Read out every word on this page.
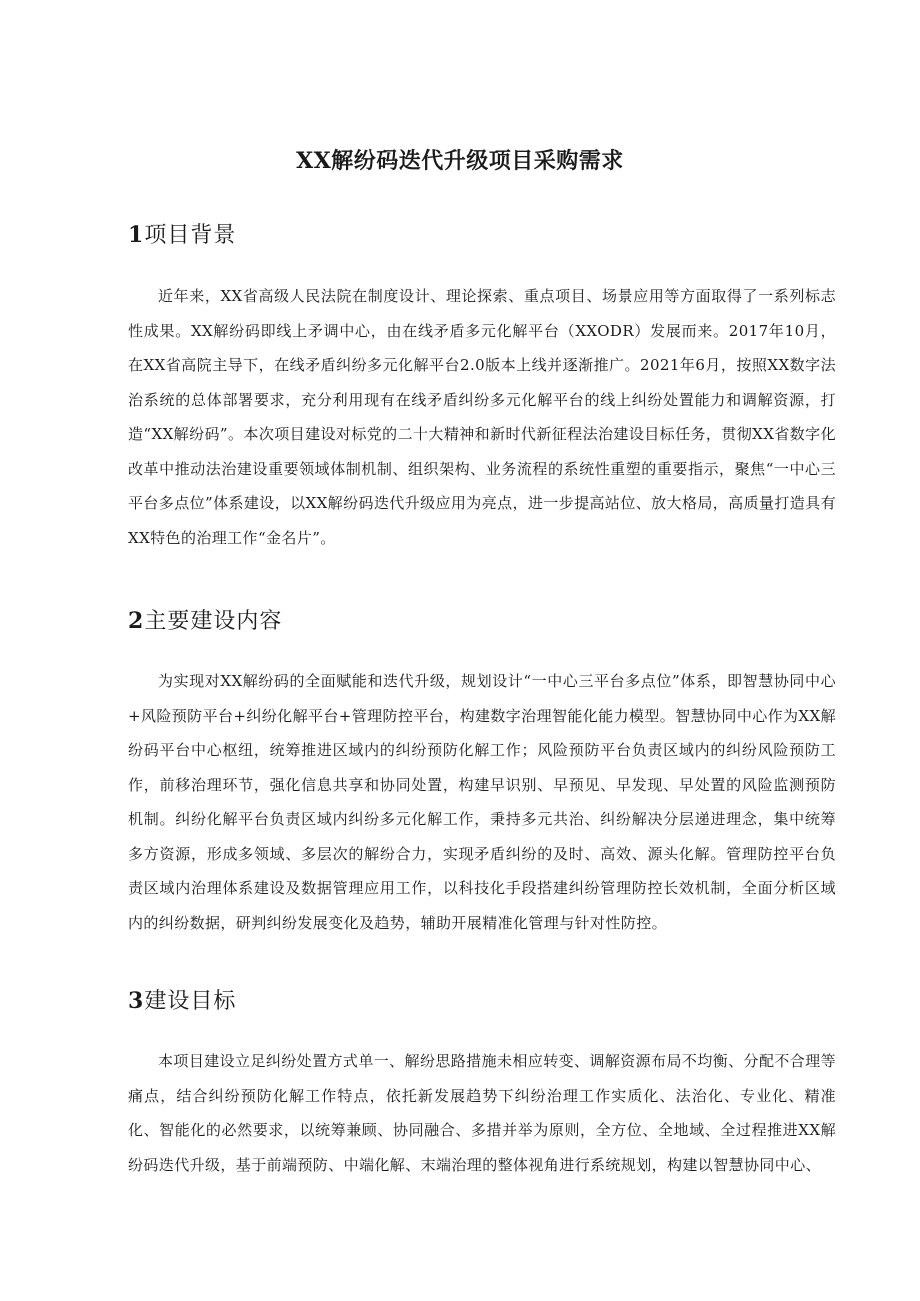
XX解纷码迭代升级项目采购需求
1项目背景

近年来，XX省高级人民法院在制度设计、理论探索、重点项目、场景应用等方面取得了一系列标志性成果。XX解纷码即线上矛调中心，由在线矛盾多元化解平台（XXODR）发展而来。2017年10月，在XX省高院主导下，在线矛盾纠纷多元化解平台2.0版本上线并逐渐推广。2021年6月，按照XX数字法治系统的总体部署要求，充分利用现有在线矛盾纠纷多元化解平台的线上纠纷处置能力和调解资源，打造“XX解纷码”。本次项目建设对标党的二十大精神和新时代新征程法治建设目标任务，贯彻XX省数字化改革中推动法治建设重要领域体制机制、组织架构、业务流程的系统性重塑的重要指示，聚焦“一中心三平台多点位”体系建设，以XX解纷码迭代升级应用为亮点，进一步提高站位、放大格局，高质量打造具有XX特色的治理工作“金名片”。

2主要建设内容

为实现对XX解纷码的全面赋能和迭代升级，规划设计“一中心三平台多点位”体系，即智慧协同中心+风险预防平台+纠纷化解平台+管理防控平台，构建数字治理智能化能力模型。智慧协同中心作为XX解纷码平台中心枢纽，统筹推进区域内的纠纷预防化解工作；风险预防平台负责区域内的纠纷风险预防工作，前移治理环节，强化信息共享和协同处置，构建早识别、早预见、早发现、早处置的风险监测预防机制。纠纷化解平台负责区域内纠纷多元化解工作，秉持多元共治、纠纷解决分层递进理念，集中统筹多方资源，形成多领域、多层次的解纷合力，实现矛盾纠纷的及时、高效、源头化解。管理防控平台负责区域内治理体系建设及数据管理应用工作，以科技化手段搭建纠纷管理防控长效机制，全面分析区域内的纠纷数据，研判纠纷发展变化及趋势，辅助开展精准化管理与针对性防控。

3建设目标

本项目建设立足纠纷处置方式单一、解纷思路措施未相应转变、调解资源布局不均衡、分配不合理等痛点，结合纠纷预防化解工作特点，依托新发展趋势下纠纷治理工作实质化、法治化、专业化、精准化、智能化的必然要求，以统筹兼顾、协同融合、多措并举为原则，全方位、全地域、全过程推进XX解纷码迭代升级，基于前端预防、中端化解、末端治理的整体视角进行系统规划，构建以智慧协同中心、
